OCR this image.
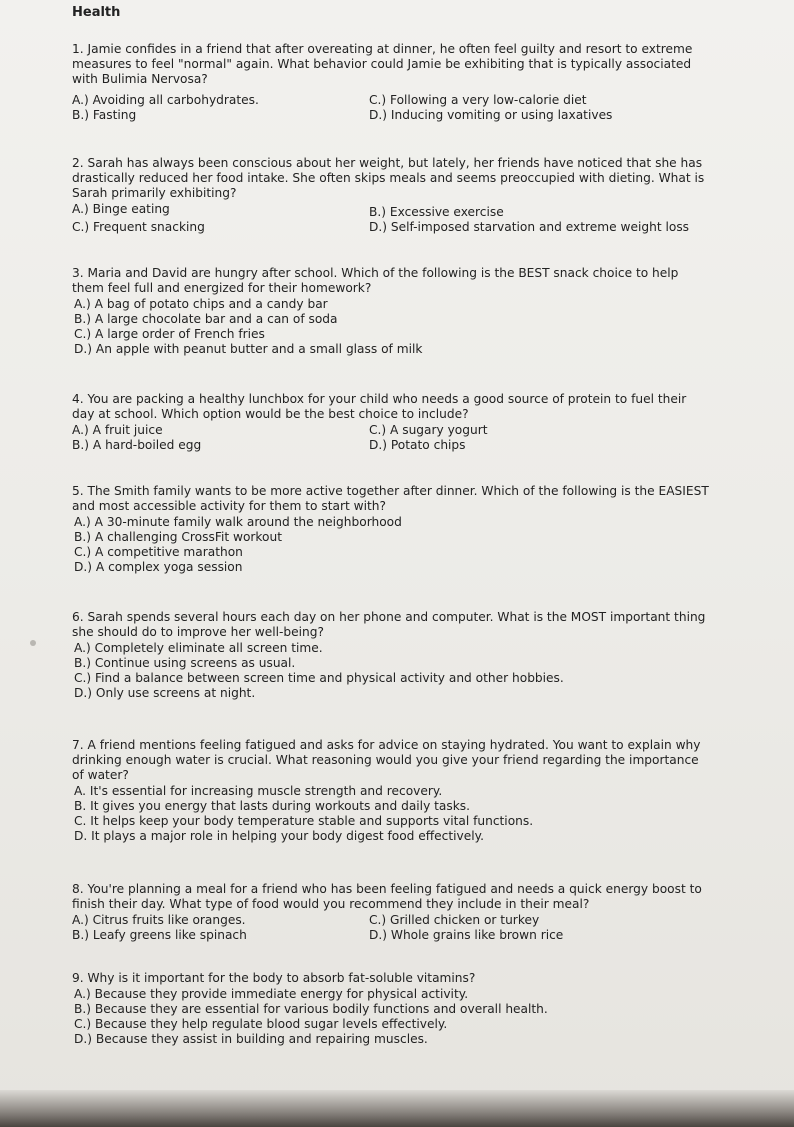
Health

1. Jamie confides in a friend that after overeating at dinner, he often feel guilty and resort to extreme measures to feel "normal" again. What behavior could Jamie be exhibiting that is typically associated with Bulimia Nervosa?

A.) Avoiding all carbohydrates.	C.) Following a very low-calorie diet

B.) Fasting	D.) Inducing vomiting or using laxatives

2. Sarah has always been conscious about her weight, but lately, her friends have noticed that she has drastically reduced her food intake. She often skips meals and seems preoccupied with dieting. What is Sarah primarily exhibiting?

A.) Binge eating	B.) Excessive exercise

C.) Frequent snacking	D.) Self-imposed starvation and extreme weight loss

3. Maria and David are hungry after school. Which of the following is the BEST snack choice to help them feel full and energized for their homework?

A.) A bag of potato chips and a candy bar

B.) A large chocolate bar and a can of soda

C.) A large order of French fries

D.) An apple with peanut butter and a small glass of milk

4. You are packing a healthy lunchbox for your child who needs a good source of protein to fuel their day at school. Which option would be the best choice to include?

A.) A fruit juice	C.) A sugary yogurt

B.) A hard-boiled egg	D.) Potato chips

5. The Smith family wants to be more active together after dinner. Which of the following is the EASIEST and most accessible activity for them to start with?

A.) A 30-minute family walk around the neighborhood

B.) A challenging CrossFit workout

C.) A competitive marathon

D.) A complex yoga session

6. Sarah spends several hours each day on her phone and computer. What is the MOST important thing she should do to improve her well-being?

A.) Completely eliminate all screen time.

B.) Continue using screens as usual.

C.) Find a balance between screen time and physical activity and other hobbies.

D.) Only use screens at night.

7. A friend mentions feeling fatigued and asks for advice on staying hydrated. You want to explain why drinking enough water is crucial. What reasoning would you give your friend regarding the importance of water?

A. It's essential for increasing muscle strength and recovery.

B. It gives you energy that lasts during workouts and daily tasks.

C. It helps keep your body temperature stable and supports vital functions.

D. It plays a major role in helping your body digest food effectively.

8. You're planning a meal for a friend who has been feeling fatigued and needs a quick energy boost to finish their day. What type of food would you recommend they include in their meal?

A.) Citrus fruits like oranges.	C.) Grilled chicken or turkey

B.) Leafy greens like spinach	D.) Whole grains like brown rice

9. Why is it important for the body to absorb fat-soluble vitamins?

A.) Because they provide immediate energy for physical activity.

B.) Because they are essential for various bodily functions and overall health.

C.) Because they help regulate blood sugar levels effectively.

D.) Because they assist in building and repairing muscles.
